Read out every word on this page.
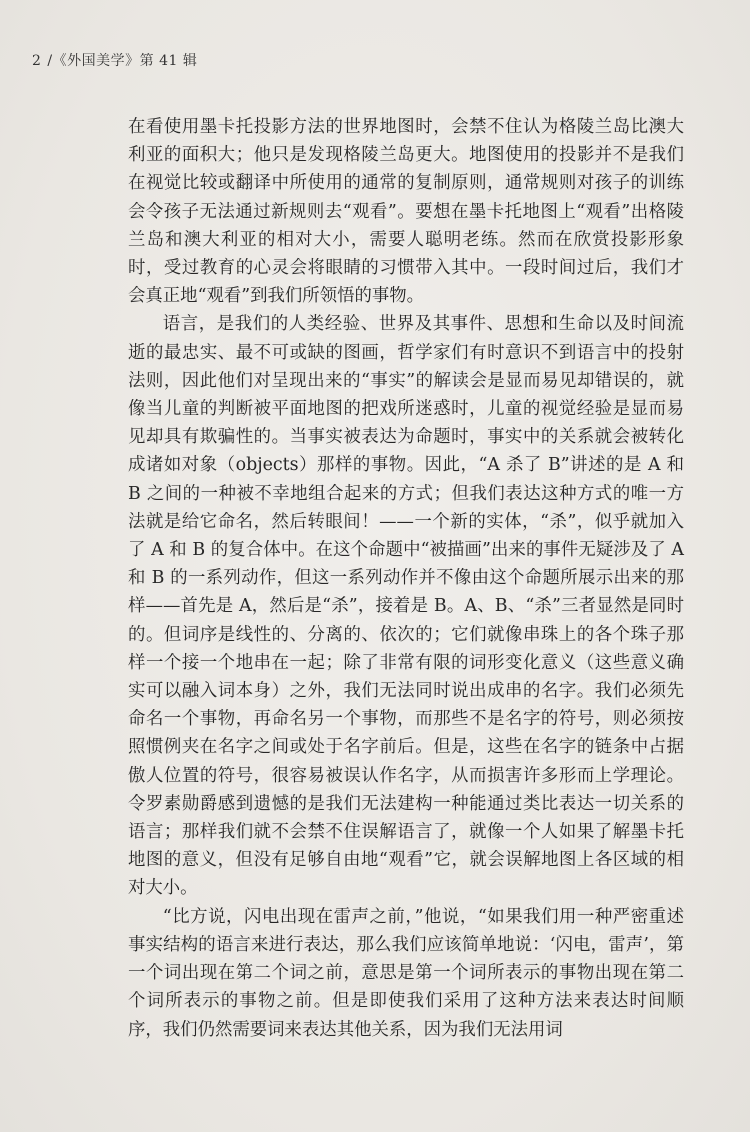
2 /《外国美学》第 41 辑

在看使用墨卡托投影方法的世界地图时，会禁不住认为格陵兰岛比澳大利亚的面积大；他只是发现格陵兰岛更大。地图使用的投影并不是我们在视觉比较或翻译中所使用的通常的复制原则，通常规则对孩子的训练会令孩子无法通过新规则去“观看”。要想在墨卡托地图上“观看”出格陵兰岛和澳大利亚的相对大小，需要人聪明老练。然而在欣赏投影形象时，受过教育的心灵会将眼睛的习惯带入其中。一段时间过后，我们才会真正地“观看”到我们所领悟的事物。

语言，是我们的人类经验、世界及其事件、思想和生命以及时间流逝的最忠实、最不可或缺的图画，哲学家们有时意识不到语言中的投射法则，因此他们对呈现出来的“事实”的解读会是显而易见却错误的，就像当儿童的判断被平面地图的把戏所迷惑时，儿童的视觉经验是显而易见却具有欺骗性的。当事实被表达为命题时，事实中的关系就会被转化成诸如对象（objects）那样的事物。因此，“A 杀了 B”讲述的是 A 和 B 之间的一种被不幸地组合起来的方式；但我们表达这种方式的唯一方法就是给它命名，然后转眼间！——一个新的实体，“杀”，似乎就加入了 A 和 B 的复合体中。在这个命题中“被描画”出来的事件无疑涉及了 A 和 B 的一系列动作，但这一系列动作并不像由这个命题所展示出来的那样——首先是 A，然后是“杀”，接着是 B。A、B、“杀”三者显然是同时的。但词序是线性的、分离的、依次的；它们就像串珠上的各个珠子那样一个接一个地串在一起；除了非常有限的词形变化意义（这些意义确实可以融入词本身）之外，我们无法同时说出成串的名字。我们必须先命名一个事物，再命名另一个事物，而那些不是名字的符号，则必须按照惯例夹在名字之间或处于名字前后。但是，这些在名字的链条中占据傲人位置的符号，很容易被误认作名字，从而损害许多形而上学理论。令罗素勋爵感到遗憾的是我们无法建构一种能通过类比表达一切关系的语言；那样我们就不会禁不住误解语言了，就像一个人如果了解墨卡托地图的意义，但没有足够自由地“观看”它，就会误解地图上各区域的相对大小。

“比方说，闪电出现在雷声之前，”他说，“如果我们用一种严密重述事实结构的语言来进行表达，那么我们应该简单地说：‘闪电，雷声’，第一个词出现在第二个词之前，意思是第一个词所表示的事物出现在第二个词所表示的事物之前。但是即使我们采用了这种方法来表达时间顺序，我们仍然需要词来表达其他关系，因为我们无法用词
